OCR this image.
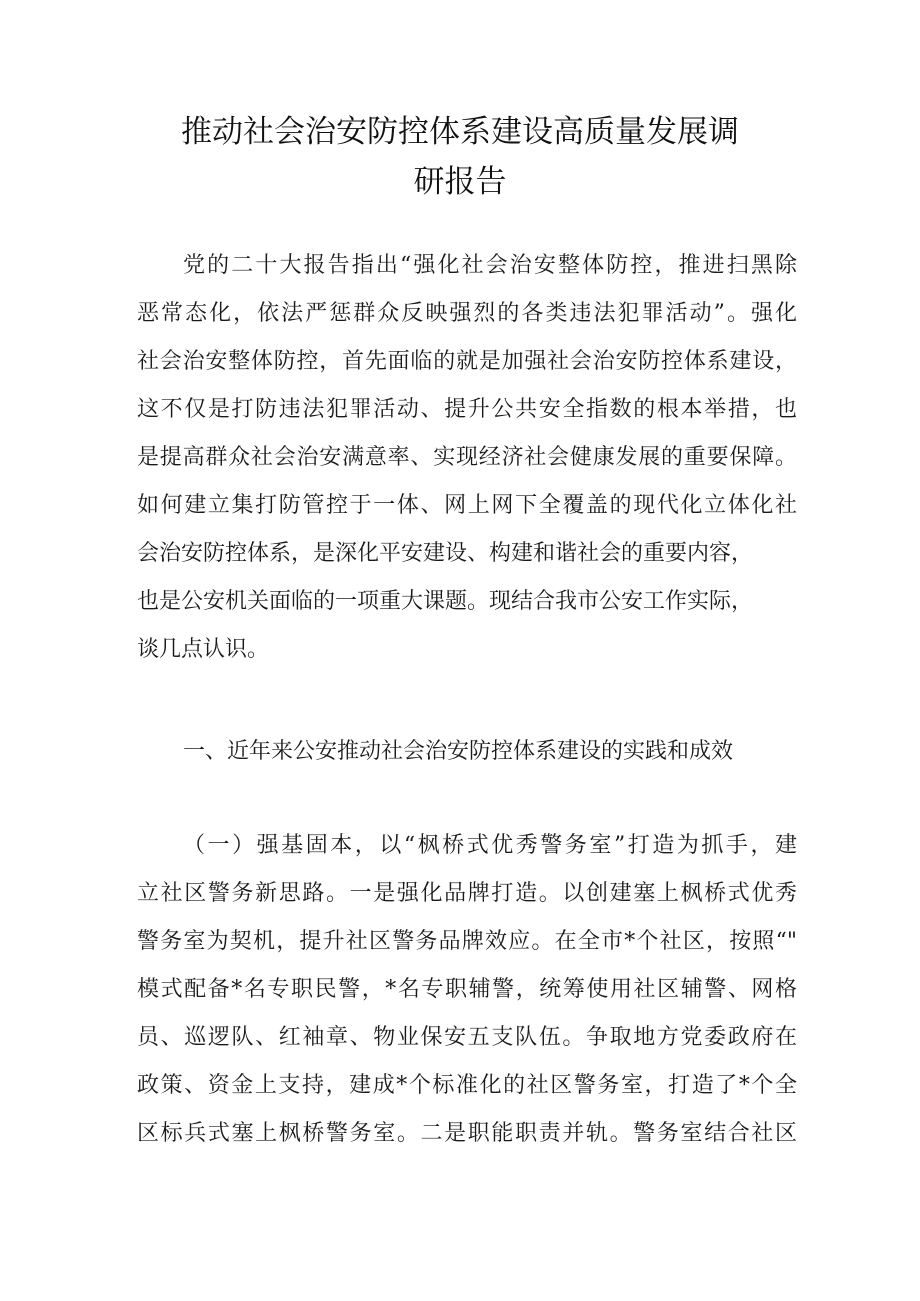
推动社会治安防控体系建设高质量发展调
研报告
党的二十大报告指出“强化社会治安整体防控，推进扫黑除
恶常态化，依法严惩群众反映强烈的各类违法犯罪活动”。强化
社会治安整体防控，首先面临的就是加强社会治安防控体系建设，
这不仅是打防违法犯罪活动、提升公共安全指数的根本举措，也
是提高群众社会治安满意率、实现经济社会健康发展的重要保障。
如何建立集打防管控于一体、网上网下全覆盖的现代化立体化社
会治安防控体系，是深化平安建设、构建和谐社会的重要内容，
也是公安机关面临的一项重大课题。现结合我市公安工作实际，
谈几点认识。
一、近年来公安推动社会治安防控体系建设的实践和成效
（一）强基固本，以“枫桥式优秀警务室”打造为抓手，建
立社区警务新思路。一是强化品牌打造。以创建塞上枫桥式优秀
警务室为契机，提升社区警务品牌效应。在全市*个社区，按照“"
模式配备*名专职民警，*名专职辅警，统筹使用社区辅警、网格
员、巡逻队、红袖章、物业保安五支队伍。争取地方党委政府在
政策、资金上支持，建成*个标准化的社区警务室，打造了*个全
区标兵式塞上枫桥警务室。二是职能职责并轨。警务室结合社区
